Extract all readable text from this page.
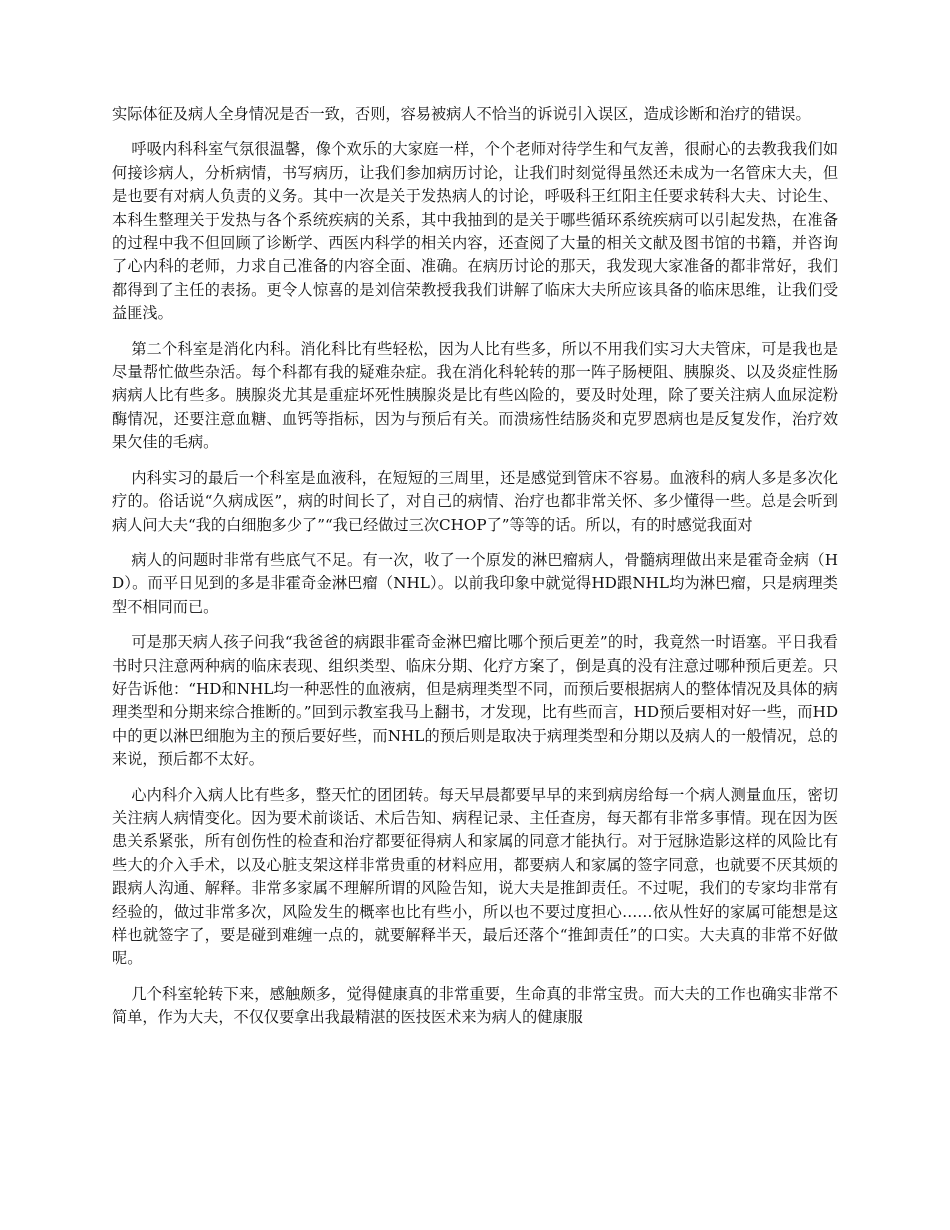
实际体征及病人全身情况是否一致，否则，容易被病人不恰当的诉说引入误区，造成诊断和治疗的错误。

呼吸内科科室气氛很温馨，像个欢乐的大家庭一样，个个老师对待学生和气友善，很耐心的去教我我们如何接诊病人，分析病情，书写病历，让我们参加病历讨论，让我们时刻觉得虽然还未成为一名管床大夫，但是也要有对病人负责的义务。其中一次是关于发热病人的讨论，呼吸科王红阳主任要求转科大夫、讨论生、本科生整理关于发热与各个系统疾病的关系，其中我抽到的是关于哪些循环系统疾病可以引起发热，在准备的过程中我不但回顾了诊断学、西医内科学的相关内容，还查阅了大量的相关文献及图书馆的书籍，并咨询了心内科的老师，力求自己准备的内容全面、准确。在病历讨论的那天，我发现大家准备的都非常好，我们都得到了主任的表扬。更令人惊喜的是刘信荣教授我我们讲解了临床大夫所应该具备的临床思维，让我们受益匪浅。

第二个科室是消化内科。消化科比有些轻松，因为人比有些多，所以不用我们实习大夫管床，可是我也是尽量帮忙做些杂活。每个科都有我的疑难杂症。我在消化科轮转的那一阵子肠梗阻、胰腺炎、以及炎症性肠病病人比有些多。胰腺炎尤其是重症坏死性胰腺炎是比有些凶险的，要及时处理，除了要关注病人血尿淀粉酶情况，还要注意血糖、血钙等指标，因为与预后有关。而溃疡性结肠炎和克罗恩病也是反复发作，治疗效果欠佳的毛病。

内科实习的最后一个科室是血液科，在短短的三周里，还是感觉到管床不容易。血液科的病人多是多次化疗的。俗话说“久病成医”，病的时间长了，对自己的病情、治疗也都非常关怀、多少懂得一些。总是会听到病人问大夫“我的白细胞多少了”“我已经做过三次CHOP了”等等的话。所以，有的时感觉我面对

病人的问题时非常有些底气不足。有一次，收了一个原发的淋巴瘤病人，骨髓病理做出来是霍奇金病（HD）。而平日见到的多是非霍奇金淋巴瘤（NHL）。以前我印象中就觉得HD跟NHL均为淋巴瘤，只是病理类型不相同而已。

可是那天病人孩子问我“我爸爸的病跟非霍奇金淋巴瘤比哪个预后更差”的时，我竟然一时语塞。平日我看书时只注意两种病的临床表现、组织类型、临床分期、化疗方案了，倒是真的没有注意过哪种预后更差。只好告诉他：“HD和NHL均一种恶性的血液病，但是病理类型不同，而预后要根据病人的整体情况及具体的病理类型和分期来综合推断的。”回到示教室我马上翻书，才发现，比有些而言，HD预后要相对好一些，而HD中的更以淋巴细胞为主的预后要好些，而NHL的预后则是取决于病理类型和分期以及病人的一般情况，总的来说，预后都不太好。

心内科介入病人比有些多，整天忙的团团转。每天早晨都要早早的来到病房给每一个病人测量血压，密切关注病人病情变化。因为要术前谈话、术后告知、病程记录、主任查房，每天都有非常多事情。现在因为医患关系紧张，所有创伤性的检查和治疗都要征得病人和家属的同意才能执行。对于冠脉造影这样的风险比有些大的介入手术，以及心脏支架这样非常贵重的材料应用，都要病人和家属的签字同意，也就要不厌其烦的跟病人沟通、解释。非常多家属不理解所谓的风险告知，说大夫是推卸责任。不过呢，我们的专家均非常有经验的，做过非常多次，风险发生的概率也比有些小，所以也不要过度担心……依从性好的家属可能想是这样也就签字了，要是碰到难缠一点的，就要解释半天，最后还落个“推卸责任”的口实。大夫真的非常不好做呢。

几个科室轮转下来，感触颇多，觉得健康真的非常重要，生命真的非常宝贵。而大夫的工作也确实非常不简单，作为大夫，不仅仅要拿出我最精湛的医技医术来为病人的健康服
